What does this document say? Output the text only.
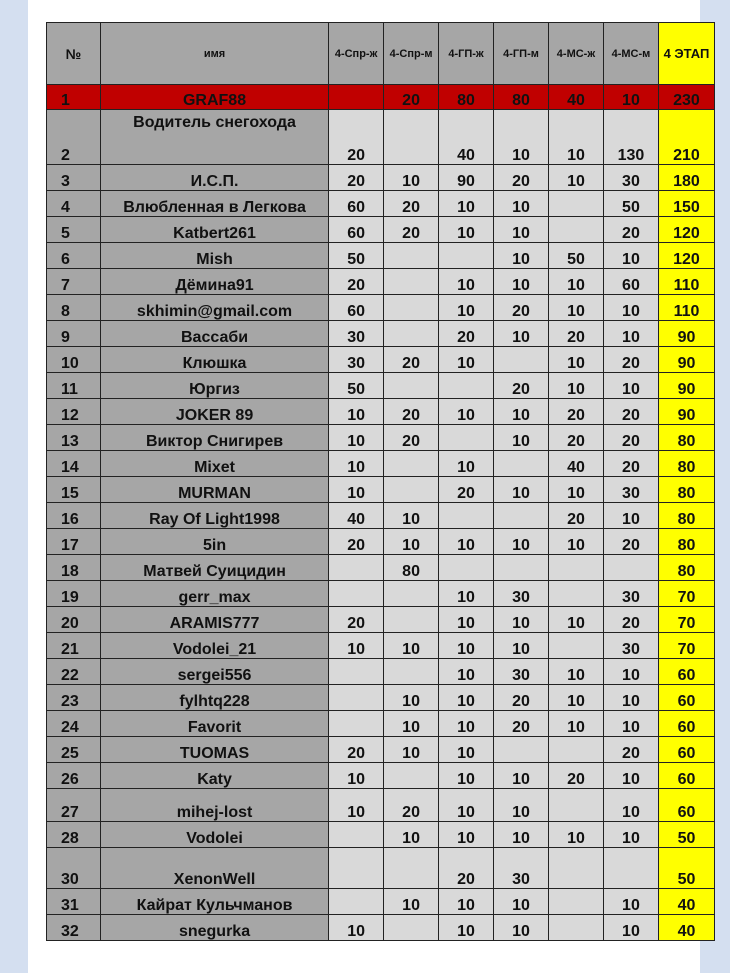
№	имя	4-Спр-ж	4-Спр-м	4-ГП-ж	4-ГП-м	4-МС-ж	4-МС-м	4 ЭТАП
1	GRAF88		20	80	80	40	10	230
2	Водитель снегохода	20		40	10	10	130	210
3	И.С.П.	20	10	90	20	10	30	180
4	Влюбленная в Легкова	60	20	10	10		50	150
5	Katbert261	60	20	10	10		20	120
6	Mish	50			10	50	10	120
7	Дёмина91	20		10	10	10	60	110
8	skhimin@gmail.com	60		10	20	10	10	110
9	Вассаби	30		20	10	20	10	90
10	Клюшка	30	20	10		10	20	90
11	Юргиз	50			20	10	10	90
12	JOKER 89	10	20	10	10	20	20	90
13	Виктор Снигирев	10	20		10	20	20	80
14	Mixet	10		10		40	20	80
15	MURMAN	10		20	10	10	30	80
16	Ray Of Light1998	40	10			20	10	80
17	5in	20	10	10	10	10	20	80
18	Матвей Суицидин		80					80
19	gerr_max			10	30		30	70
20	ARAMIS777	20		10	10	10	20	70
21	Vodolei_21	10	10	10	10		30	70
22	sergei556			10	30	10	10	60
23	fylhtq228		10	10	20	10	10	60
24	Favorit		10	10	20	10	10	60
25	TUOMAS	20	10	10			20	60
26	Katy	10		10	10	20	10	60
27	mihej-lost	10	20	10	10		10	60
28	Vodolei		10	10	10	10	10	50
30	XenonWell			20	30			50
31	Кайрат Кульчманов		10	10	10		10	40
32	snegurka	10		10	10		10	40
